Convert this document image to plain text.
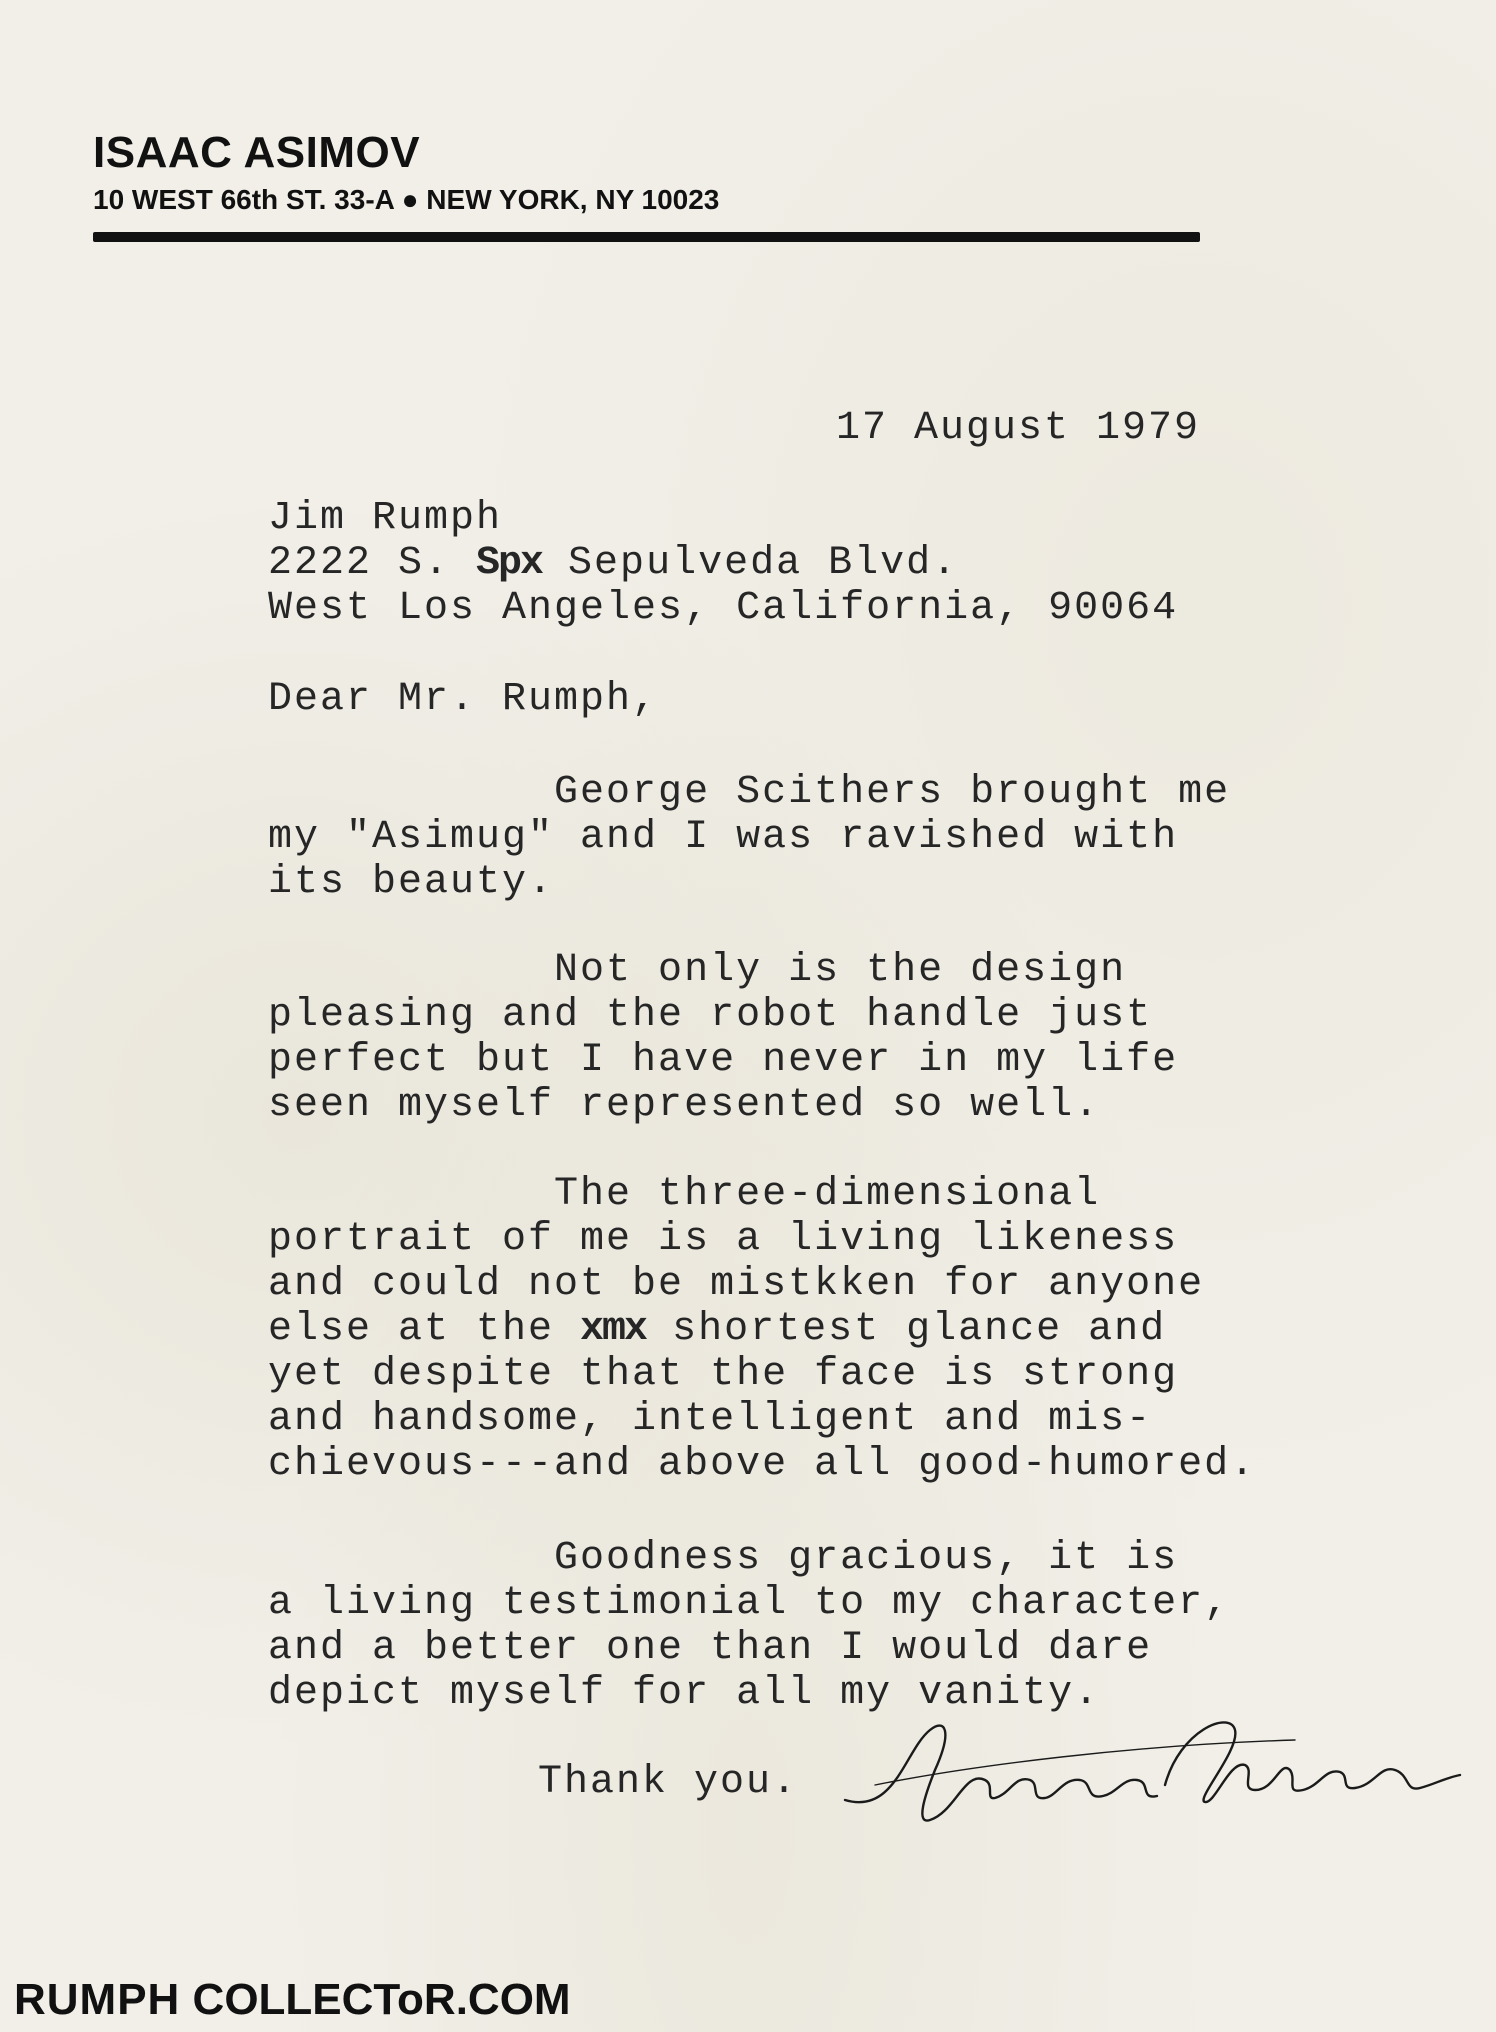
ISAAC ASIMOV
10 WEST 66th ST. 33-A ● NEW YORK, NY 10023
17 August 1979
Jim Rumph
2222 S. Spx Sepulveda Blvd.
West Los Angeles, California, 90064
Dear Mr. Rumph,
George Scithers brought me
my "Asimug" and I was ravished with
its beauty.
Not only is the design
pleasing and the robot handle just
perfect but I have never in my life
seen myself represented so well.
The three-dimensional
portrait of me is a living likeness
and could not be mistkken for anyone
else at the xmx shortest glance and
yet despite that the face is strong
and handsome, intelligent and mis-
chievous---and above all good-humored.
Goodness gracious, it is
a living testimonial to my character,
and a better one than I would dare
depict myself for all my vanity.
Thank you.
RUMPH COLLECToR.COM
